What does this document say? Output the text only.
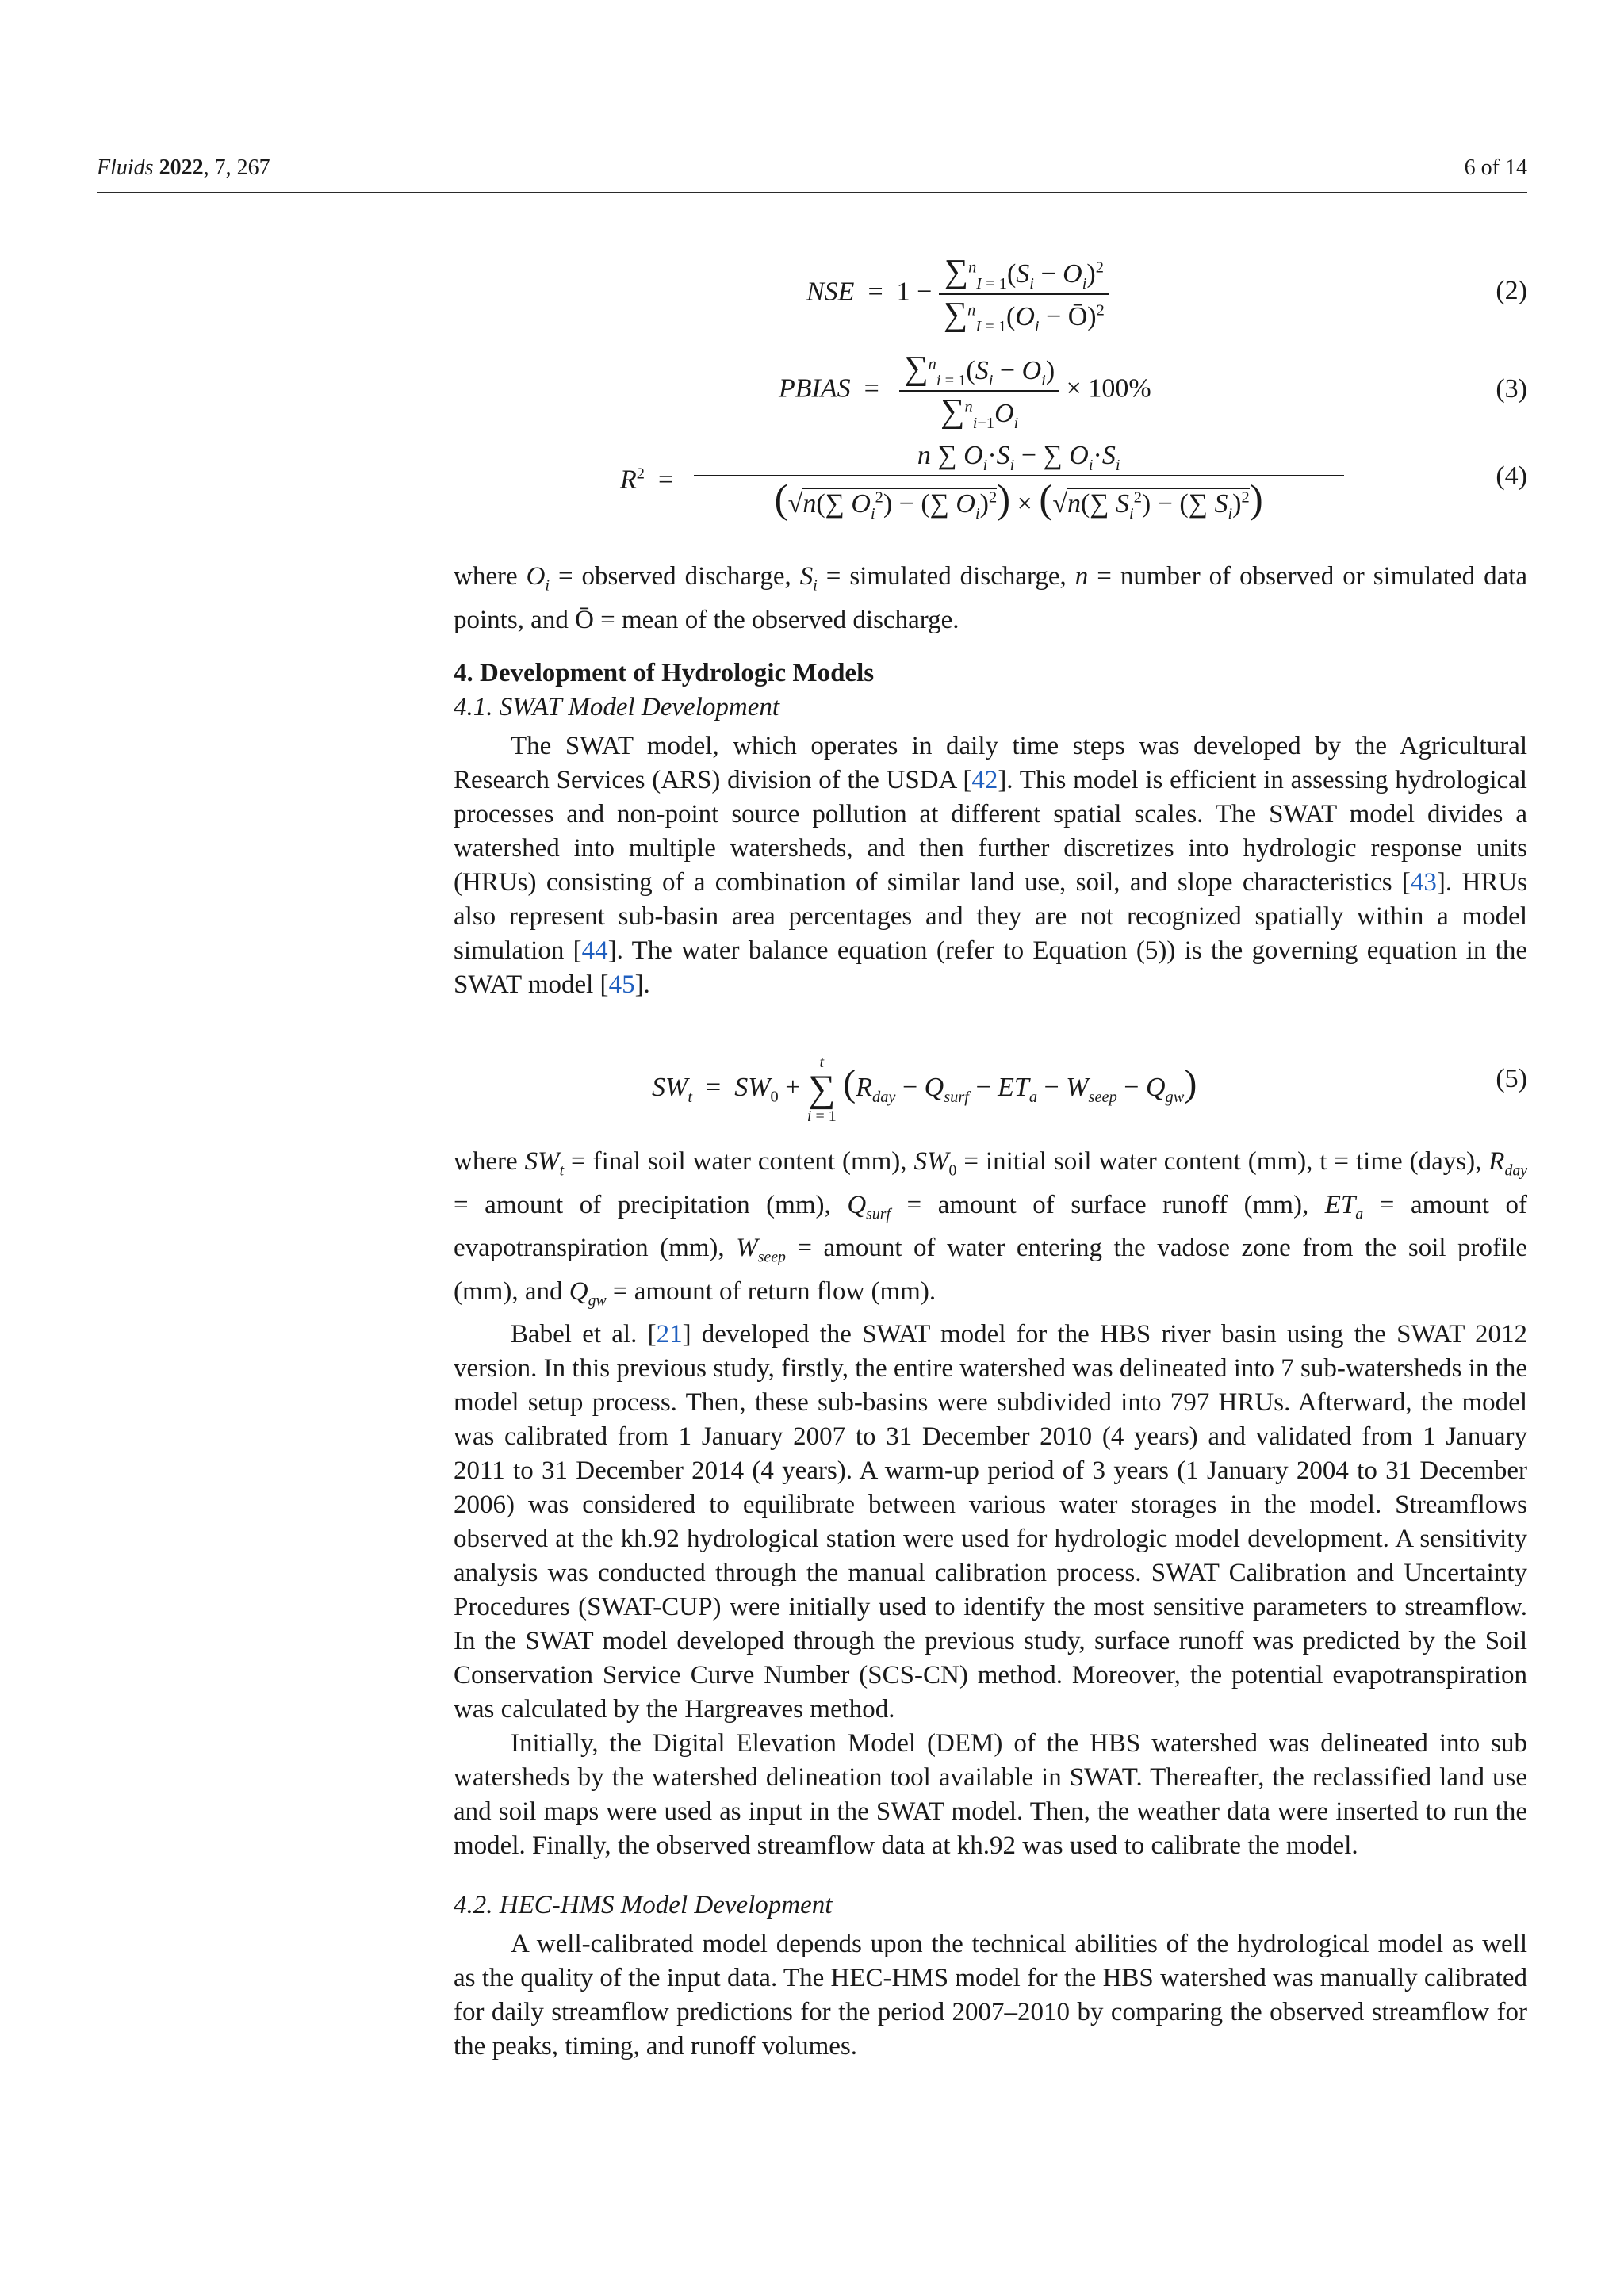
Fluids 2022, 7, 267	6 of 14
NSE  =  $1 - \frac{\sum^n_{I = 1}(S_i - O_i)^2}{\sum^n_{I = 1}(O_i - Ō)^2}$	(2)
PBIAS  = $\frac{\sum^n_{i = 1}(S_i - O_i)}{\sum^n_{i-1}O_i} \times 100\%$	(3)
$R^2 = \frac{n \sum O_i\cdot S_i - \sum O_i\cdot S_i}{(√n(\sum O_i^2) - (\sum O_i)^2) \times (√n(\sum S_i^2) - (\sum S_i)^2)}$	(4)

where $O_i$ = observed discharge, $S_i$ = simulated discharge, n = number of observed or simulated data points, and Ō = mean of the observed discharge.

4. Development of Hydrologic Models

4.1. SWAT Model Development

The SWAT model, which operates in daily time steps was developed by the Agricultural Research Services (ARS) division of the USDA [42]. This model is efficient in assessing hydrological processes and non-point source pollution at different spatial scales. The SWAT model divides a watershed into multiple watersheds, and then further discretizes into hydrologic response units (HRUs) consisting of a combination of similar land use, soil, and slope characteristics [43]. HRUs also represent sub-basin area percentages and they are not recognized spatially within a model simulation [44]. The water balance equation (refer to Equation (5)) is the governing equation in the SWAT model [45].

$SW_t = SW_0$ +
t
∑
i = 1
$(R_{day} - Q_{surf} - ET_a - W_{seep} - Q_{gw})$	(5)

where $SW_t$ = final soil water content (mm), $SW_0$ = initial soil water content (mm), t = time (days), $R_{day}$ = amount of precipitation (mm), $Q_{surf}$ = amount of surface runoff (mm), $ET_a$ = amount of evapotranspiration (mm), $W_{seep}$ = amount of water entering the vadose zone from the soil profile (mm), and $Q_{gw}$ = amount of return flow (mm).

Babel et al. [21] developed the SWAT model for the HBS river basin using the SWAT 2012 version. In this previous study, firstly, the entire watershed was delineated into 7 sub-watersheds in the model setup process. Then, these sub-basins were subdivided into 797 HRUs. Afterward, the model was calibrated from 1 January 2007 to 31 December 2010 (4 years) and validated from 1 January 2011 to 31 December 2014 (4 years). A warm-up period of 3 years (1 January 2004 to 31 December 2006) was considered to equilibrate between various water storages in the model. Streamflows observed at the kh.92 hydrological station were used for hydrologic model development. A sensitivity analysis was conducted through the manual calibration process. SWAT Calibration and Uncertainty Procedures (SWAT-CUP) were initially used to identify the most sensitive parameters to streamflow. In the SWAT model developed through the previous study, surface runoff was predicted by the Soil Conservation Service Curve Number (SCS-CN) method. Moreover, the potential evapotranspiration was calculated by the Hargreaves method.

Initially, the Digital Elevation Model (DEM) of the HBS watershed was delineated into sub watersheds by the watershed delineation tool available in SWAT. Thereafter, the reclassified land use and soil maps were used as input in the SWAT model. Then, the weather data were inserted to run the model. Finally, the observed streamflow data at kh.92 was used to calibrate the model.

4.2. HEC-HMS Model Development

A well-calibrated model depends upon the technical abilities of the hydrological model as well as the quality of the input data. The HEC-HMS model for the HBS watershed was manually calibrated for daily streamflow predictions for the period 2007–2010 by comparing the observed streamflow for the peaks, timing, and runoff volumes.
